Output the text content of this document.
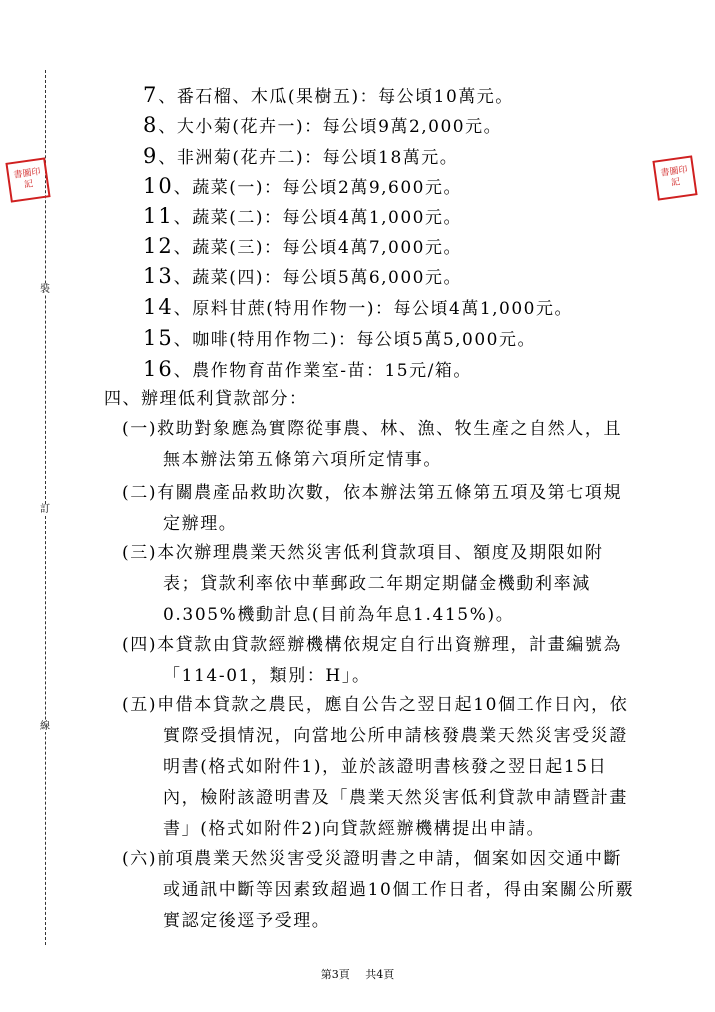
裝
訂
線
書圖印記
書圖印記
7、番石榴、木瓜(果樹五)：每公頃10萬元。
8、大小菊(花卉一)：每公頃9萬2,000元。
9、非洲菊(花卉二)：每公頃18萬元。
10、蔬菜(一)：每公頃2萬9,600元。
11、蔬菜(二)：每公頃4萬1,000元。
12、蔬菜(三)：每公頃4萬7,000元。
13、蔬菜(四)：每公頃5萬6,000元。
14、原料甘蔗(特用作物一)：每公頃4萬1,000元。
15、咖啡(特用作物二)：每公頃5萬5,000元。
16、農作物育苗作業室-苗：15元/箱。
四、辦理低利貸款部分：
(一)救助對象應為實際從事農、林、漁、牧生產之自然人，且
無本辦法第五條第六項所定情事。
(二)有關農產品救助次數，依本辦法第五條第五項及第七項規
定辦理。
(三)本次辦理農業天然災害低利貸款項目、額度及期限如附
表；貸款利率依中華郵政二年期定期儲金機動利率減
0.305%機動計息(目前為年息1.415%)。
(四)本貸款由貸款經辦機構依規定自行出資辦理，計畫編號為
「114-01，類別：H」。
(五)申借本貸款之農民，應自公告之翌日起10個工作日內，依
實際受損情況，向當地公所申請核發農業天然災害受災證
明書(格式如附件1)，並於該證明書核發之翌日起15日
內，檢附該證明書及「農業天然災害低利貸款申請暨計畫
書」(格式如附件2)向貸款經辦機構提出申請。
(六)前項農業天然災害受災證明書之申請，個案如因交通中斷
或通訊中斷等因素致超過10個工作日者，得由案關公所覈
實認定後逕予受理。
第3頁 共4頁
